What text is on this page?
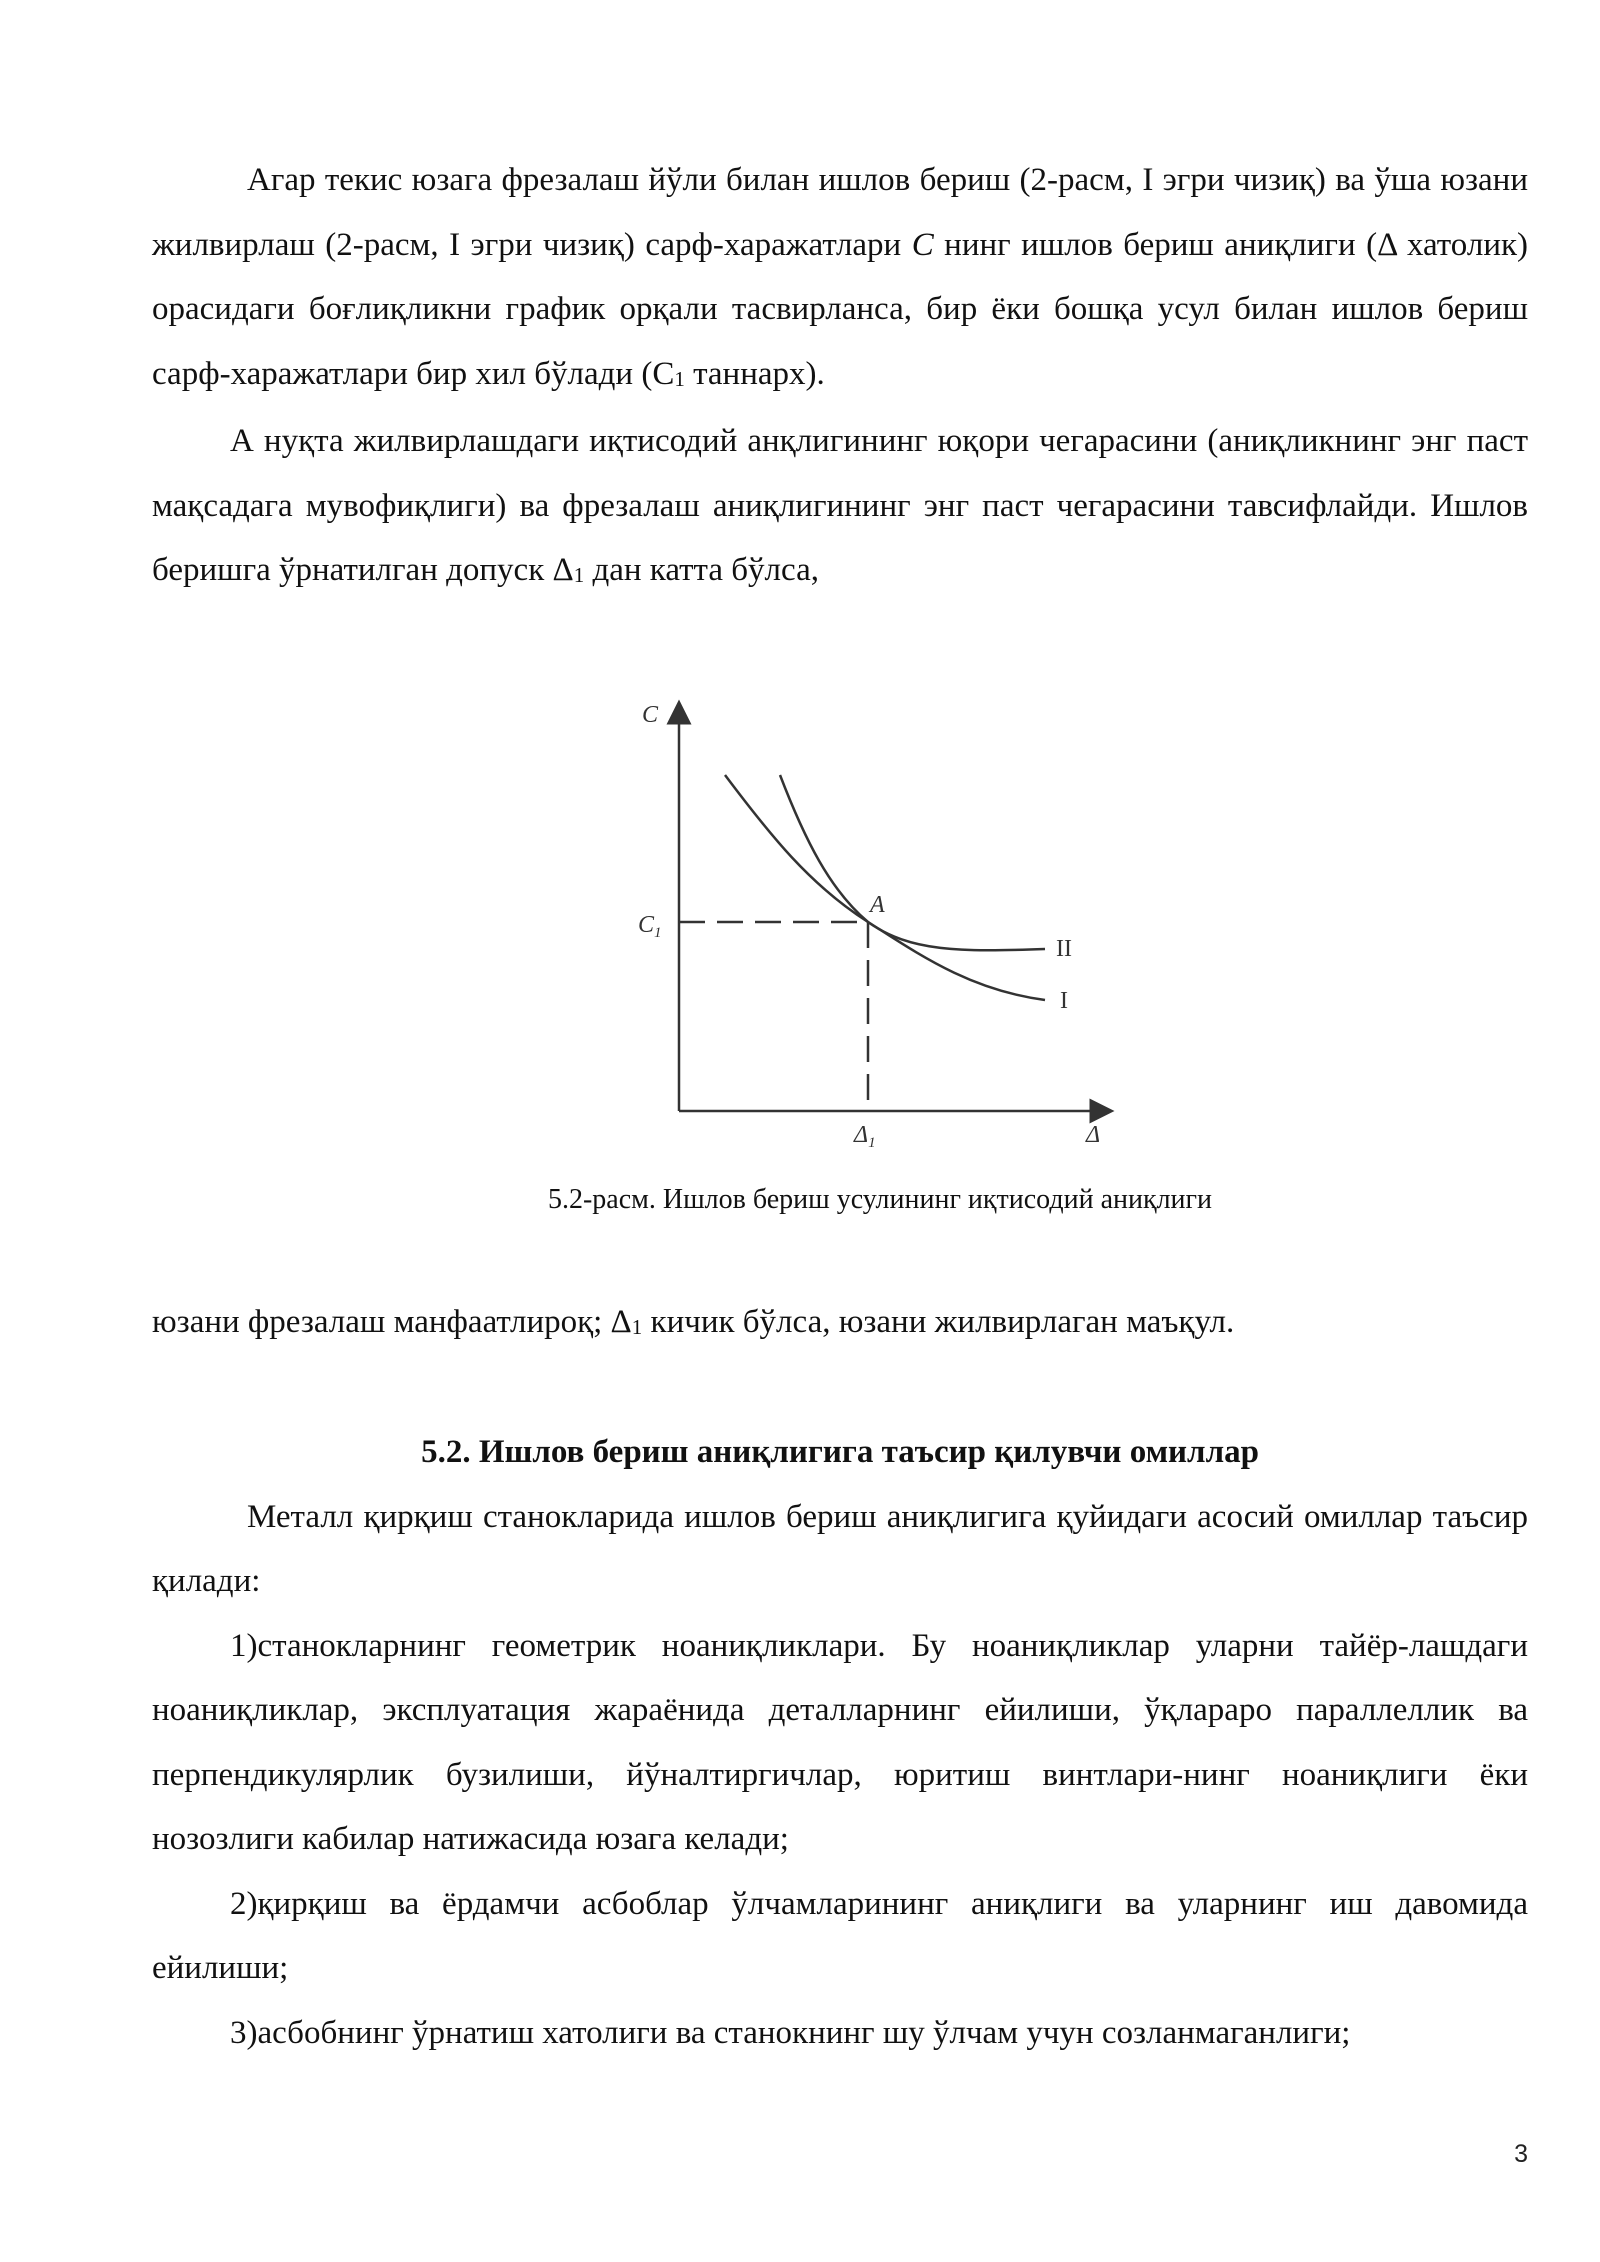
Агар текис юзага фрезалаш йўли билан ишлов бериш (2-расм, I эгри чизиқ) ва ўша юзани жилвирлаш (2-расм, I эгри чизиқ) сарф-харажатлари C нинг ишлов бериш аниқлиги (Δ хатолик) орасидаги боғлиқликни график орқали тасвирланса, бир ёки бошқа усул билан ишлов бериш сарф-харажатлари бир хил бўлади ($С_1$ таннарх).

А нуқта жилвирлашдаги иқтисодий анқлигининг юқори чегарасини (аниқликнинг энг паст мақсадага мувофиқлиги) ва фрезалаш аниқлигининг энг паст чегарасини тавсифлайди. Ишлов беришга ўрнатилган допуск $\Delta_1$ дан катта бўлса,

C
Δ
$C_1$
$\Delta_1$
A
I
II
5.2-расм. Ишлов бериш усулининг иқтисодий аниқлиги

юзани фрезалаш манфаатлироқ; $\Delta_1$ кичик бўлса, юзани жилвирлаган маъқул.

5.2. Ишлов бериш аниқлигига таъсир қилувчи омиллар

Металл қирқиш станокларида ишлов бериш аниқлигига қуйидаги асосий омиллар таъсир қилади:

1)станокларнинг геометрик ноаниқликлари. Бу ноаниқликлар уларни тайёр-лашдаги ноаниқликлар, эксплуатация жараёнида деталларнинг ейилиши, ўқлараро параллеллик ва перпендикулярлик бузилиши, йўналтиргичлар, юритиш винтлари-нинг ноаниқлиги ёки нозозлиги кабилар натижасида юзага келади;

2)қирқиш ва ёрдамчи асбоблар ўлчамларининг аниқлиги ва уларнинг иш давомида ейилиши;

3)асбобнинг ўрнатиш хатолиги ва станокнинг шу ўлчам учун созланмаганлиги;

3
